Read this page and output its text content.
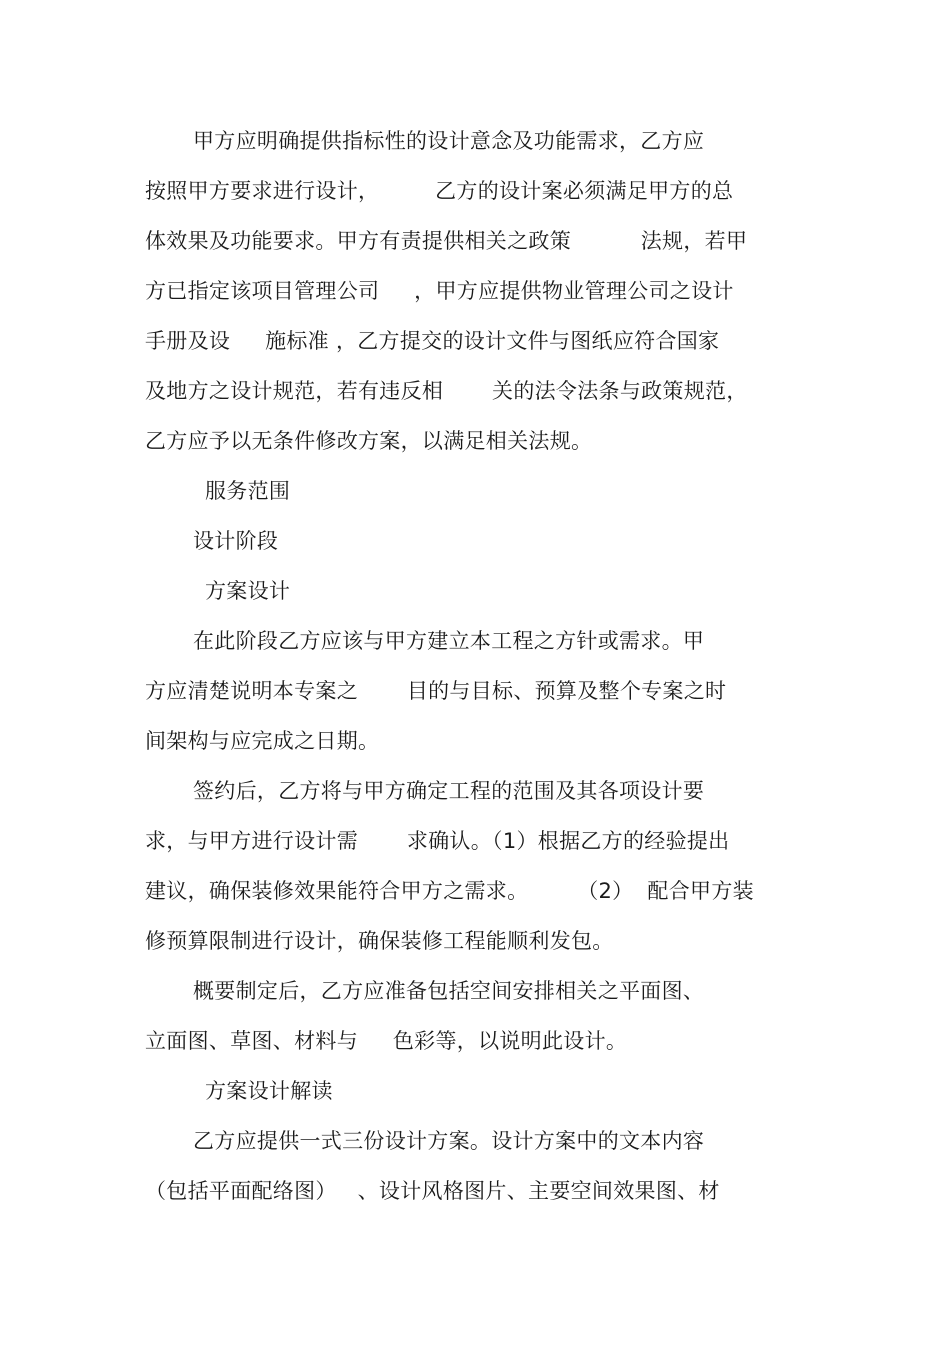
甲方应明确提供指标性的设计意念及功能需求，乙方应
按照甲方要求进行设计，        乙方的设计案必须满足甲方的总
体效果及功能要求。甲方有责提供相关之政策          法规，若甲
方已指定该项目管理公司     ，甲方应提供物业管理公司之设计
手册及设     施标准 ，乙方提交的设计文件与图纸应符合国家
及地方之设计规范，若有违反相       关的法令法条与政策规范，
乙方应予以无条件修改方案，以满足相关法规。
服务范围
设计阶段
方案设计
在此阶段乙方应该与甲方建立本工程之方针或需求。甲
方应清楚说明本专案之       目的与目标、预算及整个专案之时
间架构与应完成之日期。
签约后，乙方将与甲方确定工程的范围及其各项设计要
求，与甲方进行设计需       求确认。（1）根据乙方的经验提出
建议，确保装修效果能符合甲方之需求。       （2）  配合甲方装
修预算限制进行设计，确保装修工程能顺利发包。
概要制定后，乙方应准备包括空间安排相关之平面图、
立面图、草图、材料与     色彩等，以说明此设计。
方案设计解读
乙方应提供一式三份设计方案。设计方案中的文本内容
（包括平面配络图）   、设计风格图片、主要空间效果图、材
